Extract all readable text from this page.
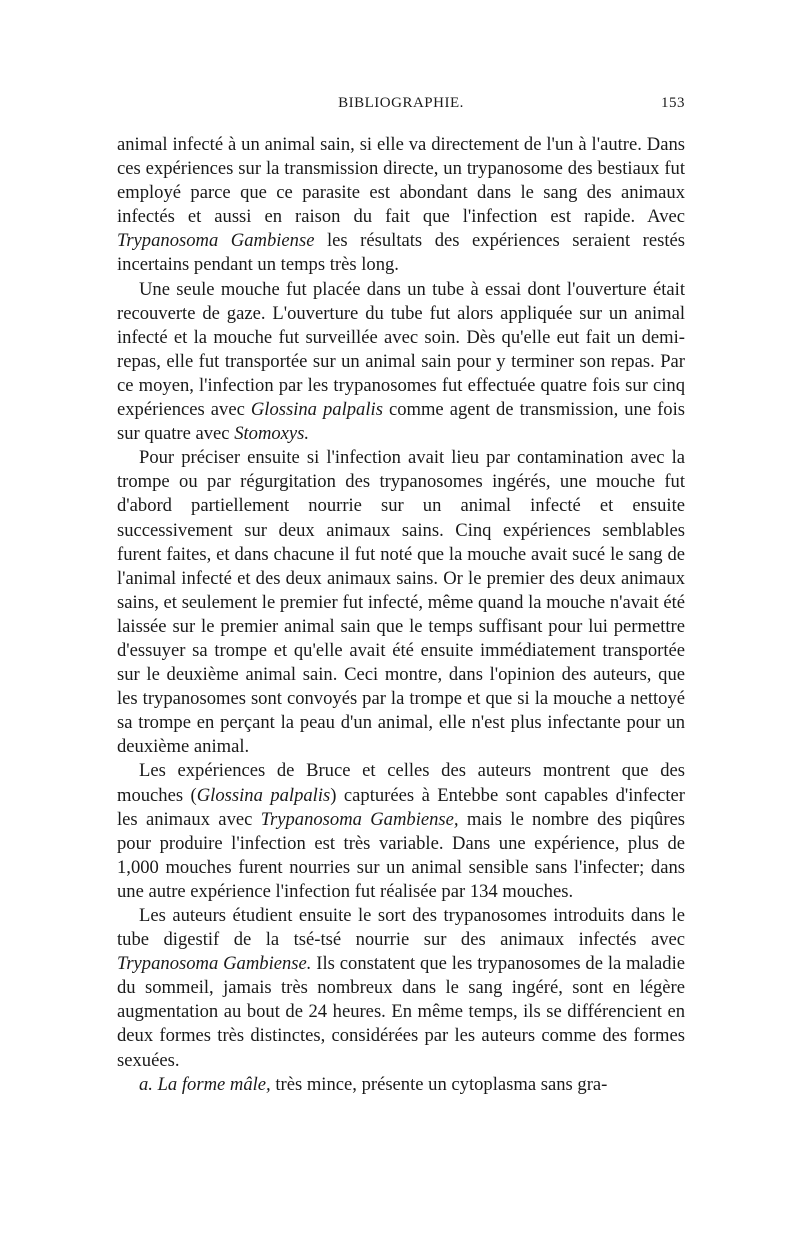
BIBLIOGRAPHIE.	153

animal infecté à un animal sain, si elle va directement de l'un à l'autre. Dans ces expériences sur la transmission directe, un trypanosome des bestiaux fut employé parce que ce parasite est abondant dans le sang des animaux infectés et aussi en raison du fait que l'infection est rapide. Avec Trypanosoma Gambiense les résultats des expériences seraient restés incertains pendant un temps très long.

Une seule mouche fut placée dans un tube à essai dont l'ouverture était recouverte de gaze. L'ouverture du tube fut alors appliquée sur un animal infecté et la mouche fut surveillée avec soin. Dès qu'elle eut fait un demi-repas, elle fut transportée sur un animal sain pour y terminer son repas. Par ce moyen, l'infection par les trypanosomes fut effectuée quatre fois sur cinq expériences avec Glossina palpalis comme agent de transmission, une fois sur quatre avec Stomoxys.

Pour préciser ensuite si l'infection avait lieu par contamination avec la trompe ou par régurgitation des trypanosomes ingérés, une mouche fut d'abord partiellement nourrie sur un animal infecté et ensuite successivement sur deux animaux sains. Cinq expériences semblables furent faites, et dans chacune il fut noté que la mouche avait sucé le sang de l'animal infecté et des deux animaux sains. Or le premier des deux animaux sains, et seulement le premier fut infecté, même quand la mouche n'avait été laissée sur le premier animal sain que le temps suffisant pour lui permettre d'essuyer sa trompe et qu'elle avait été ensuite immédiatement transportée sur le deuxième animal sain. Ceci montre, dans l'opinion des auteurs, que les trypanosomes sont convoyés par la trompe et que si la mouche a nettoyé sa trompe en perçant la peau d'un animal, elle n'est plus infectante pour un deuxième animal.

Les expériences de Bruce et celles des auteurs montrent que des mouches (Glossina palpalis) capturées à Entebbe sont capables d'infecter les animaux avec Trypanosoma Gambiense, mais le nombre des piqûres pour produire l'infection est très variable. Dans une expérience, plus de 1,000 mouches furent nourries sur un animal sensible sans l'infecter; dans une autre expérience l'infection fut réalisée par 134 mouches.

Les auteurs étudient ensuite le sort des trypanosomes introduits dans le tube digestif de la tsé-tsé nourrie sur des animaux infectés avec Trypanosoma Gambiense. Ils constatent que les trypanosomes de la maladie du sommeil, jamais très nombreux dans le sang ingéré, sont en légère augmentation au bout de 24 heures. En même temps, ils se différencient en deux formes très distinctes, considérées par les auteurs comme des formes sexuées.

a. La forme mâle, très mince, présente un cytoplasma sans gra-
